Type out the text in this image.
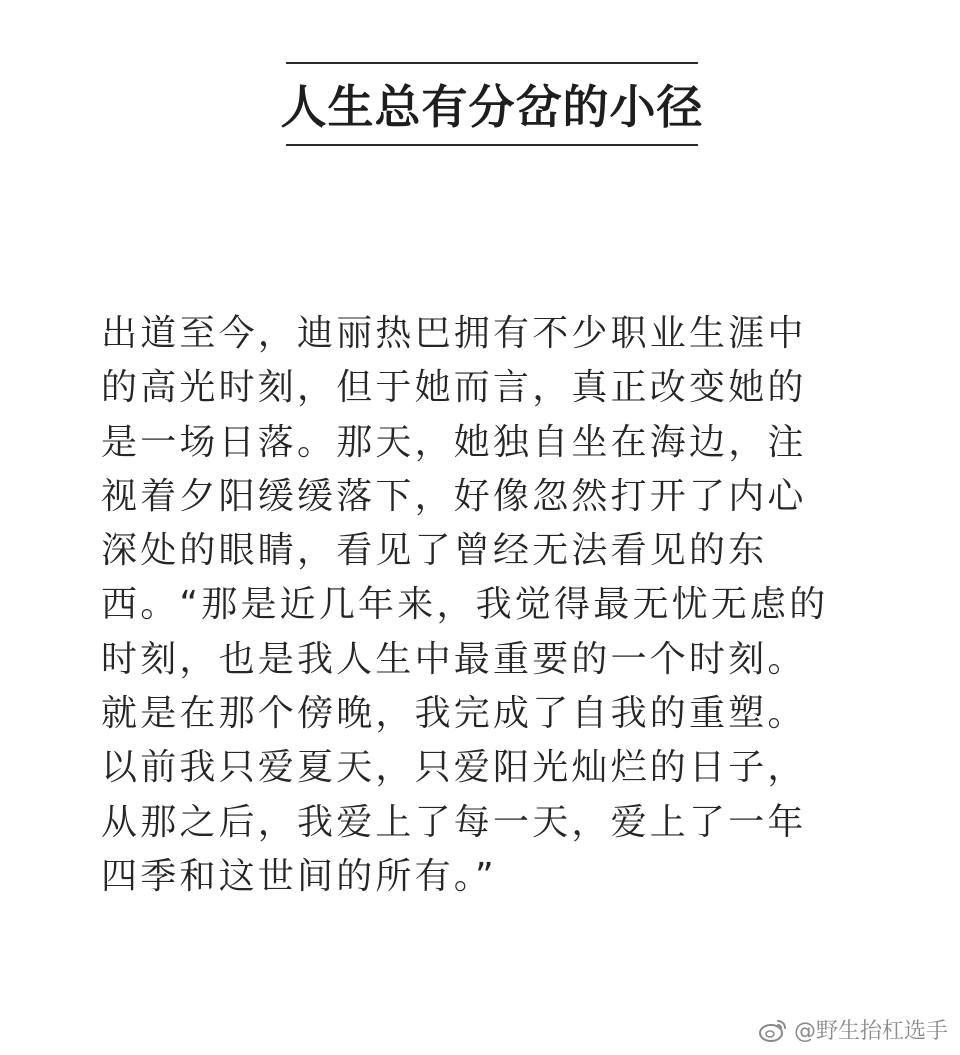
人生总有分岔的小径
出道至今，迪丽热巴拥有不少职业生涯中
的高光时刻，但于她而言，真正改变她的
是一场日落。那天，她独自坐在海边，注
视着夕阳缓缓落下，好像忽然打开了内心
深处的眼睛，看见了曾经无法看见的东
西。“那是近几年来，我觉得最无忧无虑的
时刻，也是我人生中最重要的一个时刻。
就是在那个傍晚，我完成了自我的重塑。
以前我只爱夏天，只爱阳光灿烂的日子，
从那之后，我爱上了每一天，爱上了一年
四季和这世间的所有。”
@野生抬杠选手
